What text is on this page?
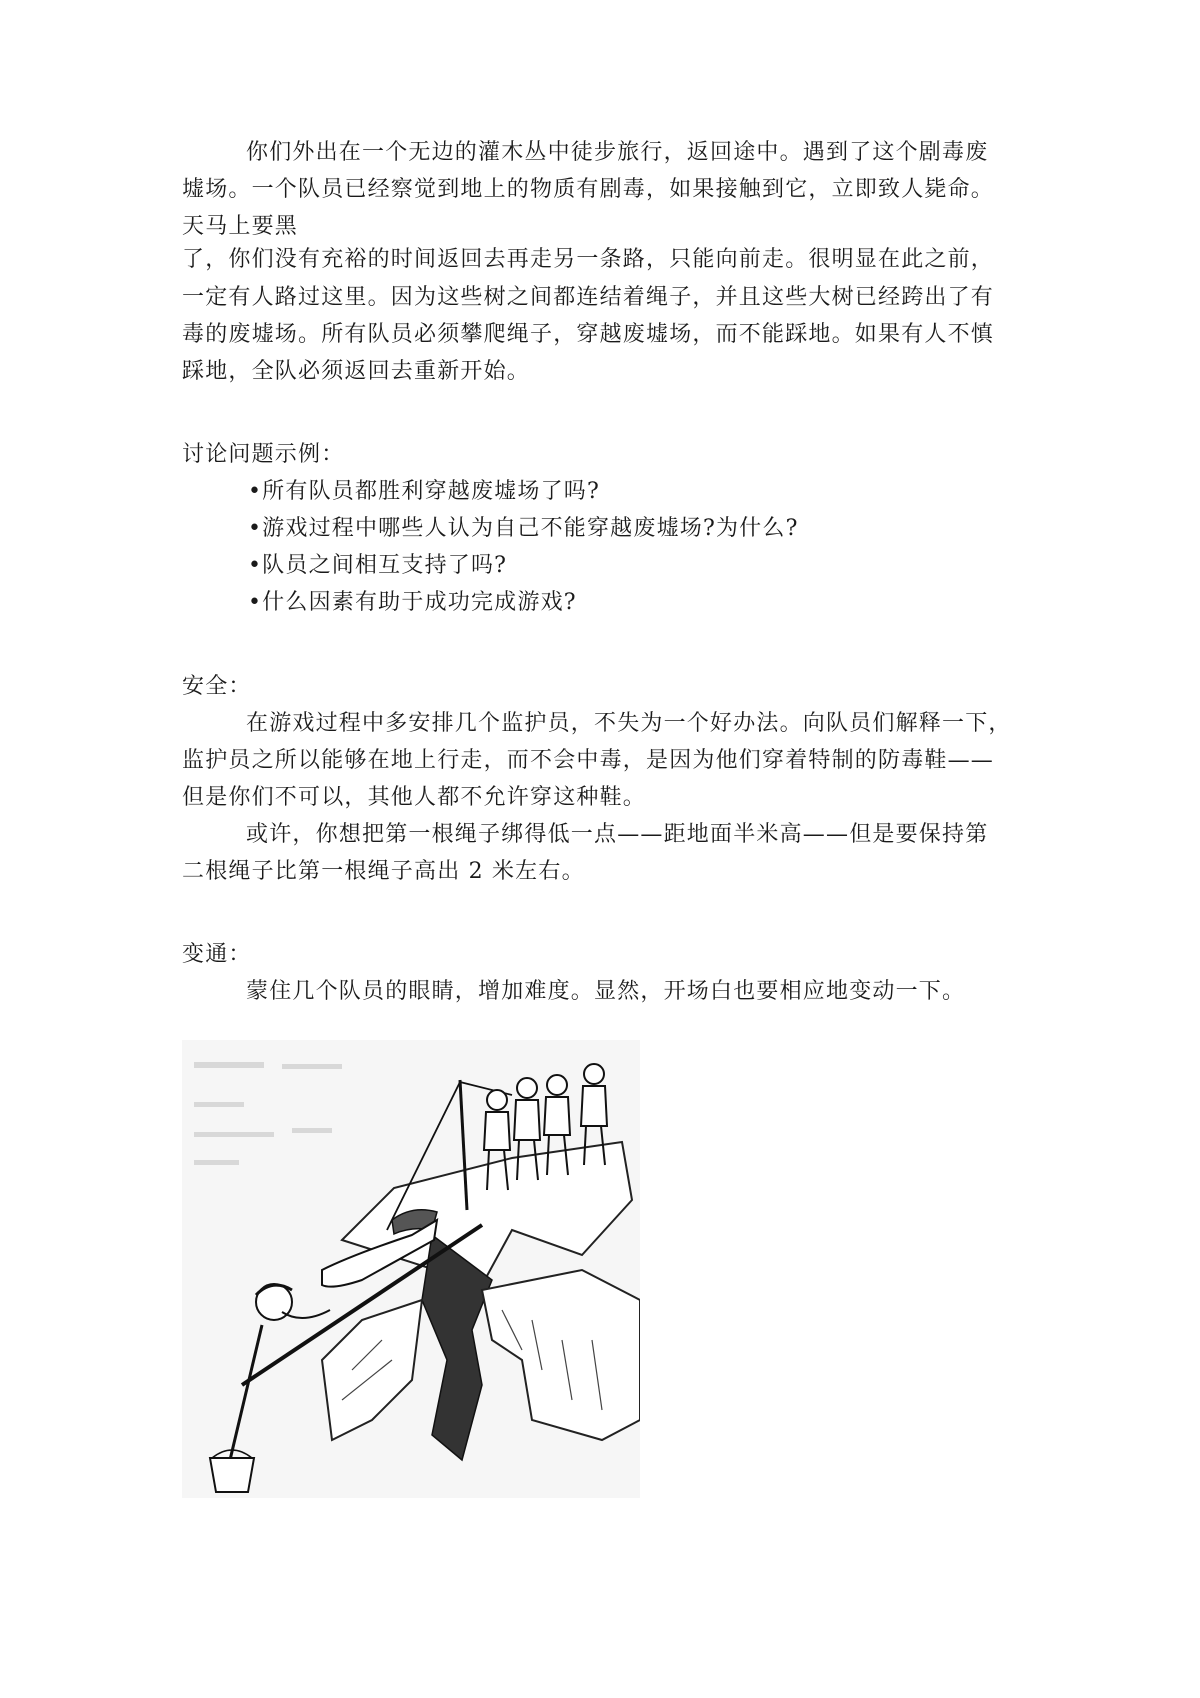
你们外出在一个无边的灌木丛中徒步旅行，返回途中。遇到了这个剧毒废
墟场。一个队员已经察觉到地上的物质有剧毒，如果接触到它，立即致人毙命。
天马上要黑
了，你们没有充裕的时间返回去再走另一条路，只能向前走。很明显在此之前，
一定有人路过这里。因为这些树之间都连结着绳子，并且这些大树已经跨出了有
毒的废墟场。所有队员必须攀爬绳子，穿越废墟场，而不能踩地。如果有人不慎
踩地，全队必须返回去重新开始。
讨论问题示例：
•所有队员都胜利穿越废墟场了吗?
•游戏过程中哪些人认为自己不能穿越废墟场?为什么?
•队员之间相互支持了吗?
•什么因素有助于成功完成游戏?
安全：
在游戏过程中多安排几个监护员，不失为一个好办法。向队员们解释一下，
监护员之所以能够在地上行走，而不会中毒，是因为他们穿着特制的防毒鞋——
但是你们不可以，其他人都不允许穿这种鞋。
或许，你想把第一根绳子绑得低一点——距地面半米高——但是要保持第
二根绳子比第一根绳子高出 2 米左右。
变通：
蒙住几个队员的眼睛，增加难度。显然，开场白也要相应地变动一下。
